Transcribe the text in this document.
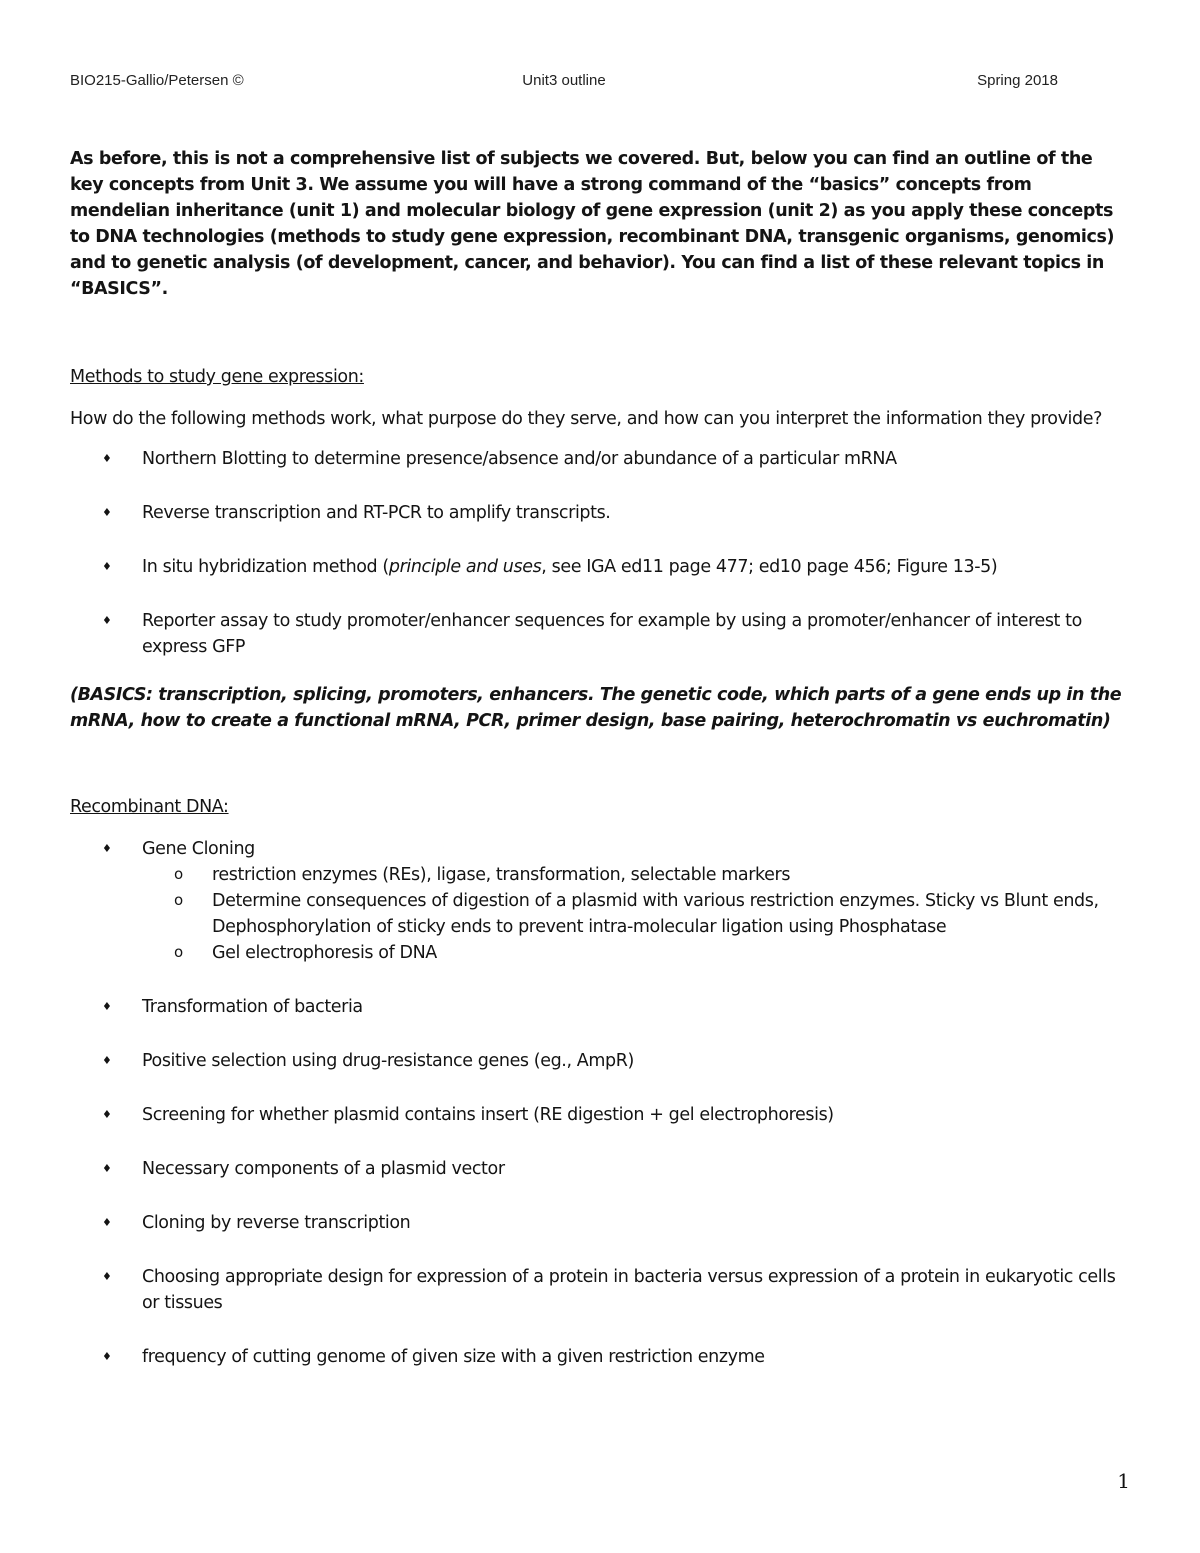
BIO215-Gallio/Petersen ©	Unit3 outline	Spring 2018

As before, this is not a comprehensive list of subjects we covered. But, below you can find an outline of the key concepts from Unit 3. We assume you will have a strong command of the “basics” concepts from mendelian inheritance (unit 1) and molecular biology of gene expression (unit 2) as you apply these concepts to DNA technologies (methods to study gene expression, recombinant DNA, transgenic organisms, genomics) and to genetic analysis (of development, cancer, and behavior). You can find a list of these relevant topics in “BASICS”.

Methods to study gene expression:

How do the following methods work, what purpose do they serve, and how can you interpret the information they provide?

♦ Northern Blotting to determine presence/absence and/or abundance of a particular mRNA
♦ Reverse transcription and RT-PCR to amplify transcripts.
♦ In situ hybridization method (principle and uses, see IGA ed11 page 477; ed10 page 456; Figure 13-5)
♦ Reporter assay to study promoter/enhancer sequences for example by using a promoter/enhancer of interest to express GFP

(BASICS: transcription, splicing, promoters, enhancers. The genetic code, which parts of a gene ends up in the mRNA, how to create a functional mRNA, PCR, primer design, base pairing, heterochromatin vs euchromatin)

Recombinant DNA:

♦ Gene Cloning
o restriction enzymes (REs), ligase, transformation, selectable markers
o Determine consequences of digestion of a plasmid with various restriction enzymes. Sticky vs Blunt ends, Dephosphorylation of sticky ends to prevent intra-molecular ligation using Phosphatase
o Gel electrophoresis of DNA
♦ Transformation of bacteria
♦ Positive selection using drug-resistance genes (eg., AmpR)
♦ Screening for whether plasmid contains insert (RE digestion + gel electrophoresis)
♦ Necessary components of a plasmid vector
♦ Cloning by reverse transcription
♦ Choosing appropriate design for expression of a protein in bacteria versus expression of a protein in eukaryotic cells or tissues
♦ frequency of cutting genome of given size with a given restriction enzyme
1
